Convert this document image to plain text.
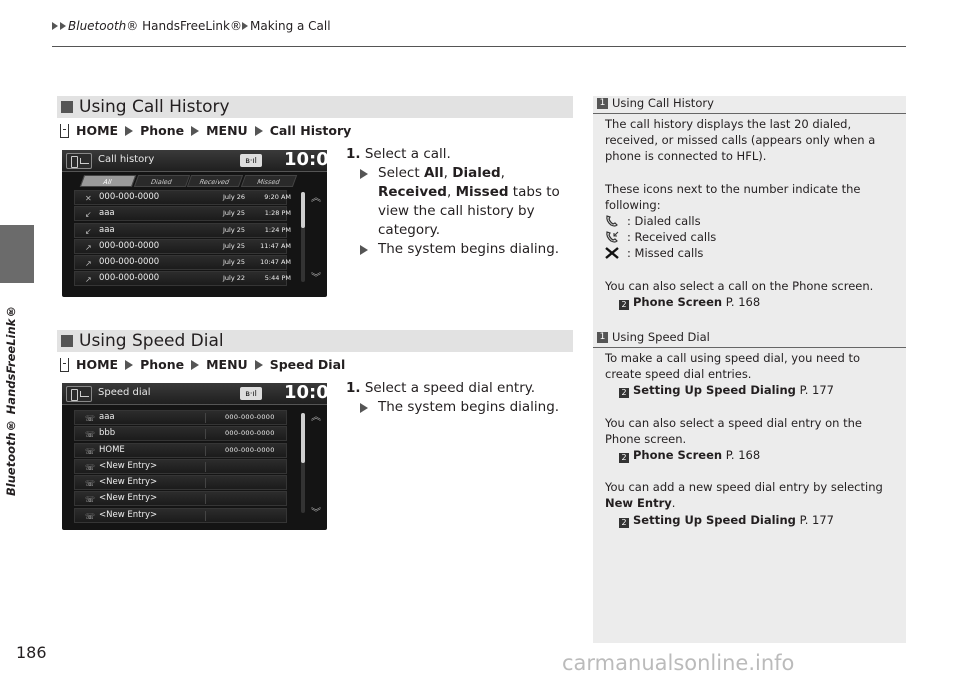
Bluetooth® HandsFreeLink® Making a Call
Bluetooth® HandsFreeLink®
186
Using Call History
HOME Phone MENU Call History
Call history	ʙ·ıl 10:00
All	Dialed	Received	Missed
✕ 000-000-0000	July 26	9:20 AM
↙ aaa	July 25	1:28 PM
↙ aaa	July 25	1:24 PM
↗ 000-000-0000	July 25	11:47 AM
↗ 000-000-0000	July 25	10:47 AM
↗ 000-000-0000	July 22	5:44 PM
︽
︾
1. Select a call.
Select All, Dialed, Received, Missed tabs to view the call history by category.
The system begins dialing.
Using Speed Dial
HOME Phone MENU Speed Dial
Speed dial	ʙ·ıl 10:00
☏ aaa	000-000-0000
☏ bbb	000-000-0000
☏ HOME	000-000-0000
☏ <New Entry>
☏ <New Entry>
☏ <New Entry>
☏ <New Entry>
︽
︾
1. Select a speed dial entry.
The system begins dialing.
1 Using Call History
The call history displays the last 20 dialed, received, or missed calls (appears only when a phone is connected to HFL).
These icons next to the number indicate the following:
: Dialed calls
: Received calls
: Missed calls
You can also select a call on the Phone screen.
2 Phone Screen P. 168
1 Using Speed Dial
To make a call using speed dial, you need to create speed dial entries.
2 Setting Up Speed Dialing P. 177
You can also select a speed dial entry on the Phone screen.
2 Phone Screen P. 168
You can add a new speed dial entry by selecting New Entry.
2 Setting Up Speed Dialing P. 177
carmanualsonline.info
